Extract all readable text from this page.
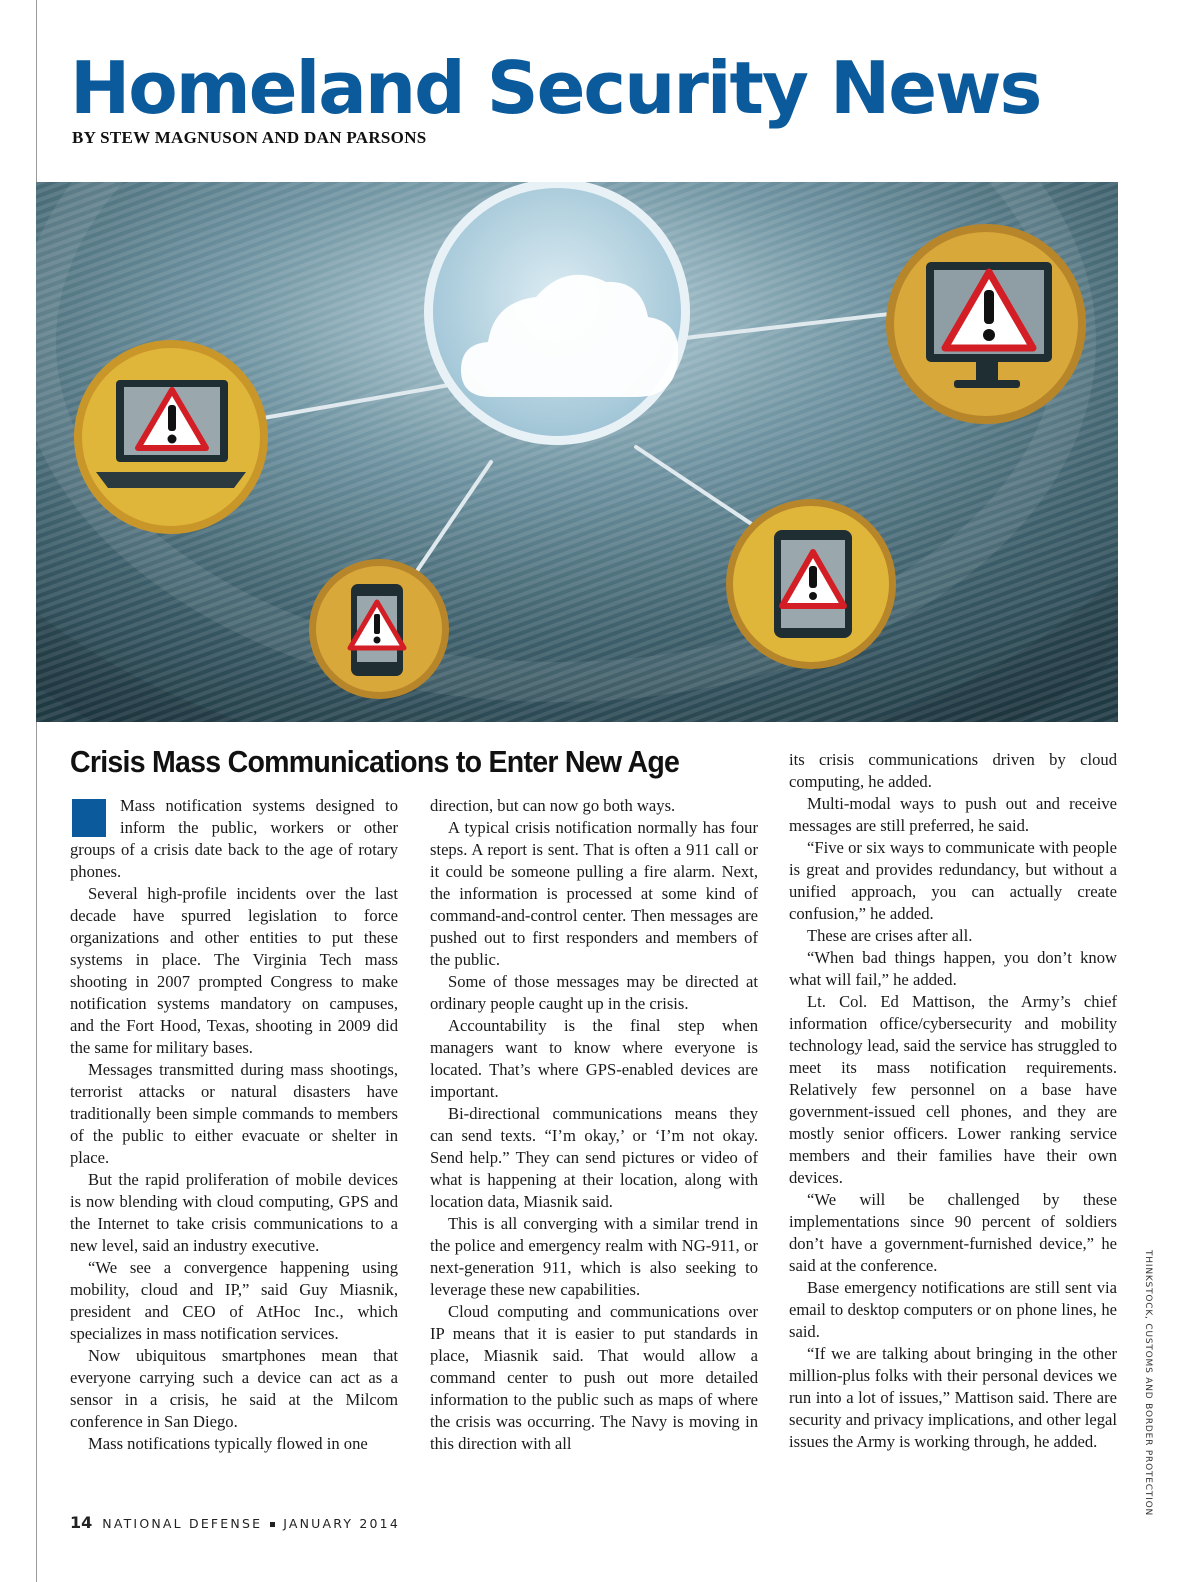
Homeland Security News
BY STEW MAGNUSON AND DAN PARSONS
Crisis Mass Communications to Enter New Age

Mass notification systems designed to inform the public, workers or other groups of a crisis date back to the age of rotary phones.

Several high-profile incidents over the last decade have spurred legislation to force organizations and other entities to put these systems in place. The Virginia Tech mass shooting in 2007 prompted Congress to make notification systems mandatory on campuses, and the Fort Hood, Texas, shooting in 2009 did the same for military bases.

Messages transmitted during mass shootings, terrorist attacks or natural disasters have traditionally been simple commands to members of the public to either evacuate or shelter in place.

But the rapid proliferation of mobile devices is now blending with cloud computing, GPS and the Internet to take crisis communications to a new level, said an industry executive.

“We see a convergence happening using mobility, cloud and IP,” said Guy Miasnik, president and CEO of AtHoc Inc., which specializes in mass notification services.

Now ubiquitous smartphones mean that everyone carrying such a device can act as a sensor in a crisis, he said at the Milcom conference in San Diego.

Mass notifications typically flowed in one

direction, but can now go both ways.

A typical crisis notification normally has four steps. A report is sent. That is often a 911 call or it could be someone pulling a fire alarm. Next, the information is processed at some kind of command-and-control center. Then messages are pushed out to first responders and members of the public.

Some of those messages may be directed at ordinary people caught up in the crisis.

Accountability is the final step when managers want to know where everyone is located. That’s where GPS-enabled devices are important.

Bi-directional communications means they can send texts. “I’m okay,’ or ‘I’m not okay. Send help.” They can send pictures or video of what is happening at their location, along with location data, Miasnik said.

This is all converging with a similar trend in the police and emergency realm with NG-911, or next-generation 911, which is also seeking to leverage these new capabilities.

Cloud computing and communications over IP means that it is easier to put standards in place, Miasnik said. That would allow a command center to push out more detailed information to the public such as maps of where the crisis was occurring. The Navy is moving in this direction with all

its crisis communications driven by cloud computing, he added.

Multi-modal ways to push out and receive messages are still preferred, he said.

“Five or six ways to communicate with people is great and provides redundancy, but without a unified approach, you can actually create confusion,” he added.

These are crises after all.

“When bad things happen, you don’t know what will fail,” he added.

Lt. Col. Ed Mattison, the Army’s chief information office/cybersecurity and mobility technology lead, said the service has struggled to meet its mass notification requirements. Relatively few personnel on a base have government-issued cell phones, and they are mostly senior officers. Lower ranking service members and their families have their own devices.

“We will be challenged by these implementations since 90 percent of soldiers don’t have a government-furnished device,” he said at the conference.

Base emergency notifications are still sent via email to desktop computers or on phone lines, he said.

“If we are talking about bringing in the other million-plus folks with their personal devices we run into a lot of issues,” Mattison said. There are security and privacy implications, and other legal issues the Army is working through, he added.	THINKSTOCK, CUSTOMS AND BORDER PROTECTION
14 NATIONAL DEFENSE JANUARY 2014
